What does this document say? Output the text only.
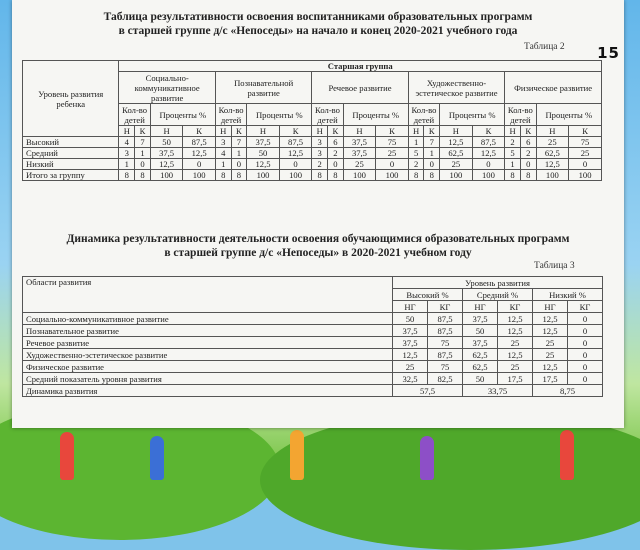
Таблица результативности освоения воспитанниками образовательных программ
в старшей группе д/с «Непоседы» на начало и конец 2020-2021 учебного года
Таблица 2
Уровень развития ребенка	Старшая группа																			
	Социально-коммуникативное развитие				Познавательной развитие				Речевое развитие				Художественно-эстетическое развитие				Физическое развитие			
	Кол-во детей		Проценты %		Кол-во детей		Проценты %		Кол-во детей		Проценты %		Кол-во детей		Проценты %		Кол-во детей		Проценты %	
	Н	К	Н	К	Н	К	Н	К	Н	К	Н	К	Н	К	Н	К	Н	К	Н	К
Высокий	4	7	50	87,5	3	7	37,5	87,5	3	6	37,5	75	1	7	12,5	87,5	2	6	25	75
Средний	3	1	37,5	12,5	4	1	50	12,5	3	2	37,5	25	5	1	62,5	12,5	5	2	62,5	25
Низкий	1	0	12,5	0	1	0	12,5	0	2	0	25	0	2	0	25	0	1	0	12,5	0
Итого за группу	8	8	100	100	8	8	100	100	8	8	100	100	8	8	100	100	8	8	100	100
Динамика результативности деятельности освоения обучающимися образовательных программ
в старшей группе д/с «Непоседы» в 2020-2021 учебном году
Таблица 3
Области развития	Уровень развития					
	Высокий %		Средний %		Низкий %	
	НГ	КГ	НГ	КГ	НГ	КГ
Социально-коммуникативное развитие	50	87,5	37,5	12,5	12,5	0
Познавательное развитие	37,5	87,5	50	12,5	12,5	0
Речевое развитие	37,5	75	37,5	25	25	0
Художественно-эстетическое развитие	12,5	87,5	62,5	12,5	25	0
Физическое развитие	25	75	62,5	25	12,5	0
Средний показатель уровня развития	32,5	82,5	50	17,5	17,5	0
Динамика развития	57,5		33,75		8,75	
15
